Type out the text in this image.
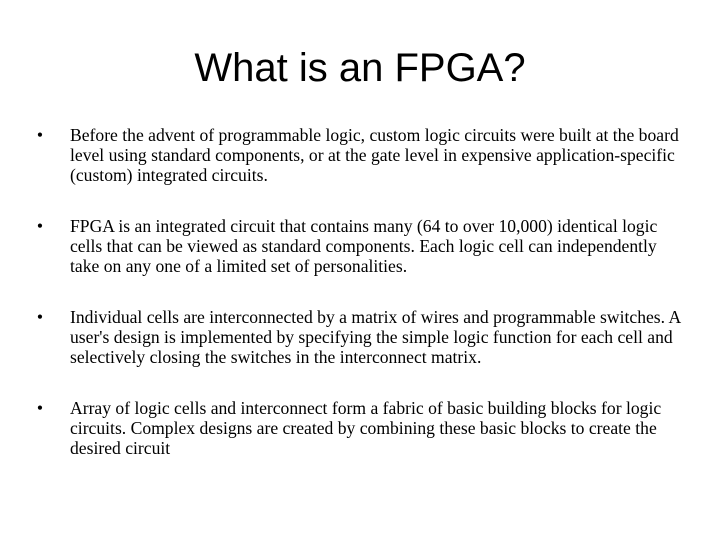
What is an FPGA?
•	Before the advent of programmable logic, custom logic circuits were built at the board level using standard components, or at the gate level in expensive application-specific (custom) integrated circuits.
•	FPGA is an integrated circuit that contains many (64 to over 10,000) identical logic cells that can be viewed as standard components. Each logic cell can independently take on any one of a limited set of personalities.
•	Individual cells are interconnected by a matrix of wires and programmable switches. A user's design is implemented by specifying the simple logic function for each cell and selectively closing the switches in the interconnect matrix.
•	Array of logic cells and interconnect form a fabric of basic building blocks for logic circuits. Complex designs are created by combining these basic blocks to create the desired circuit
